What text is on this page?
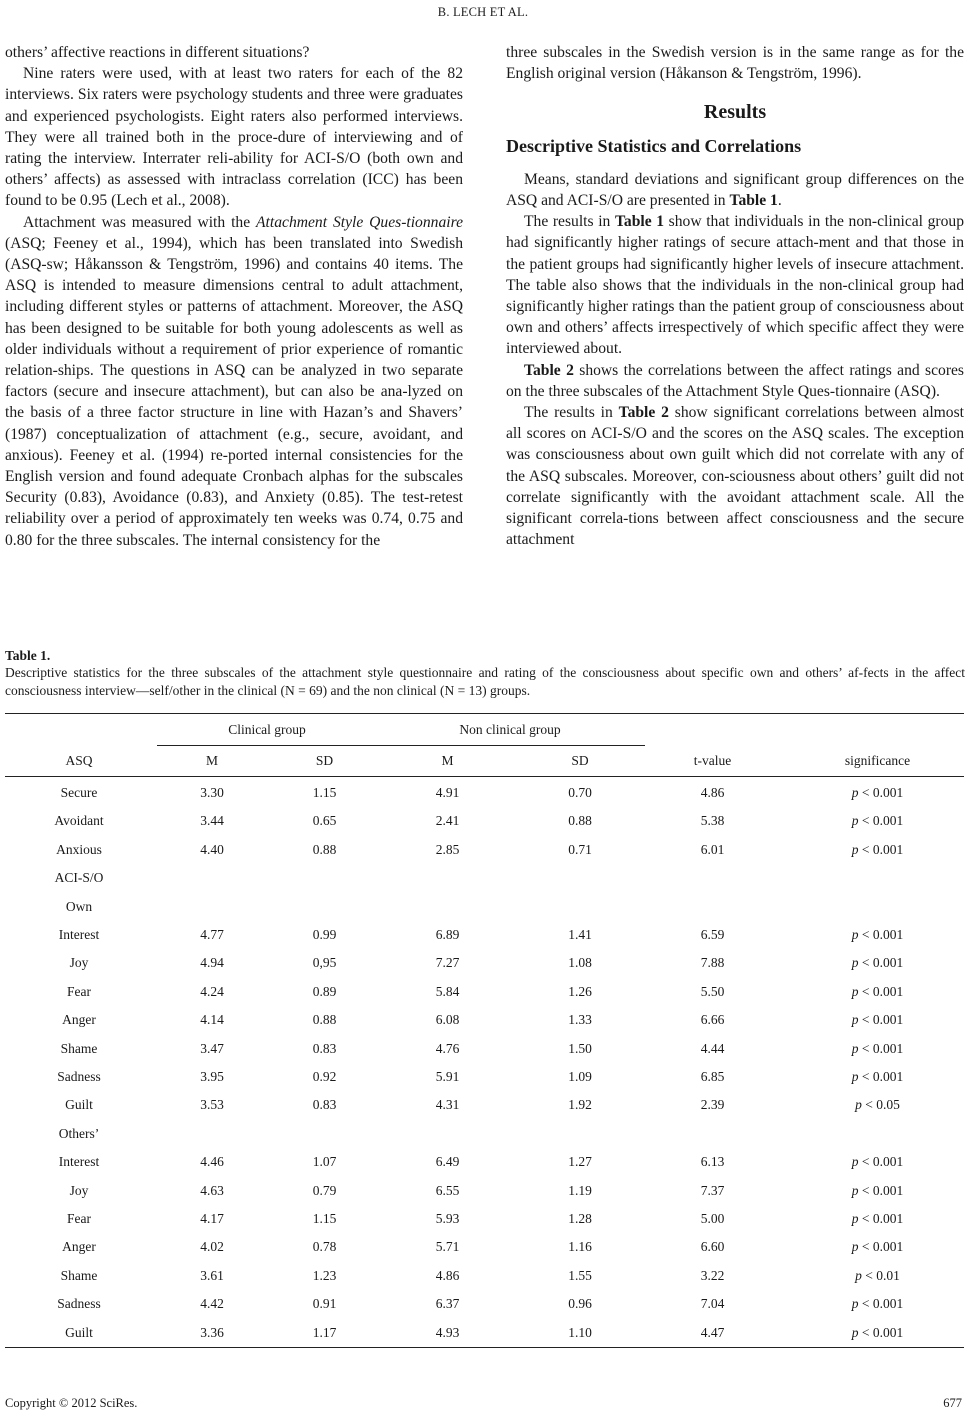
B. LECH ET AL.

others’ affective reactions in different situations?

Nine raters were used, with at least two raters for each of the 82 interviews. Six raters were psychology students and three were graduates and experienced psychologists. Eight raters also performed interviews. They were all trained both in the proce-dure of interviewing and of rating the interview. Interrater reli-ability for ACI-S/O (both own and others’ affects) as assessed with intraclass correlation (ICC) has been found to be 0.95 (Lech et al., 2008).

Attachment was measured with the Attachment Style Ques-tionnaire (ASQ; Feeney et al., 1994), which has been translated into Swedish (ASQ-sw; Håkansson & Tengström, 1996) and contains 40 items. The ASQ is intended to measure dimensions central to adult attachment, including different styles or patterns of attachment. Moreover, the ASQ has been designed to be suitable for both young adolescents as well as older individuals without a requirement of prior experience of romantic relation-ships. The questions in ASQ can be analyzed in two separate factors (secure and insecure attachment), but can also be ana-lyzed on the basis of a three factor structure in line with Hazan’s and Shavers’ (1987) conceptualization of attachment (e.g., secure, avoidant, and anxious). Feeney et al. (1994) re-ported internal consistencies for the English version and found adequate Cronbach alphas for the subscales Security (0.83), Avoidance (0.83), and Anxiety (0.85). The test-retest reliability over a period of approximately ten weeks was 0.74, 0.75 and 0.80 for the three subscales. The internal consistency for the

three subscales in the Swedish version is in the same range as for the English original version (Håkanson & Tengström, 1996).

Results
Descriptive Statistics and Correlations

Means, standard deviations and significant group differences on the ASQ and ACI-S/O are presented in Table 1.

The results in Table 1 show that individuals in the non-clinical group had significantly higher ratings of secure attach-ment and that those in the patient groups had significantly higher levels of insecure attachment. The table also shows that the individuals in the non-clinical group had significantly higher ratings than the patient group of consciousness about own and others’ affects irrespectively of which specific affect they were interviewed about.

Table 2 shows the correlations between the affect ratings and scores on the three subscales of the Attachment Style Ques-tionnaire (ASQ).

The results in Table 2 show significant correlations between almost all scores on ACI-S/O and the scores on the ASQ scales. The exception was consciousness about own guilt which did not correlate with any of the ASQ subscales. Moreover, con-sciousness about others’ guilt did not correlate significantly with the avoidant attachment scale. All the significant correla-tions between affect consciousness and the secure attachment

Table 1.
Descriptive statistics for the three subscales of the attachment style questionnaire and rating of the consciousness about specific own and others’ af-fects in the affect consciousness interview—self/other in the clinical (N = 69) and the non clinical (N = 13) groups.
Clinical group	Non clinical group
ASQ	M	SD	M	SD	t-value	significance
Secure	3.30	1.15	4.91	0.70	4.86	p < 0.001
Avoidant	3.44	0.65	2.41	0.88	5.38	p < 0.001
Anxious	4.40	0.88	2.85	0.71	6.01	p < 0.001
ACI-S/O
Own
Interest	4.77	0.99	6.89	1.41	6.59	p < 0.001
Joy	4.94	0,95	7.27	1.08	7.88	p < 0.001
Fear	4.24	0.89	5.84	1.26	5.50	p < 0.001
Anger	4.14	0.88	6.08	1.33	6.66	p < 0.001
Shame	3.47	0.83	4.76	1.50	4.44	p < 0.001
Sadness	3.95	0.92	5.91	1.09	6.85	p < 0.001
Guilt	3.53	0.83	4.31	1.92	2.39	p < 0.05
Others’
Interest	4.46	1.07	6.49	1.27	6.13	p < 0.001
Joy	4.63	0.79	6.55	1.19	7.37	p < 0.001
Fear	4.17	1.15	5.93	1.28	5.00	p < 0.001
Anger	4.02	0.78	5.71	1.16	6.60	p < 0.001
Shame	3.61	1.23	4.86	1.55	3.22	p < 0.01
Sadness	4.42	0.91	6.37	0.96	7.04	p < 0.001
Guilt	3.36	1.17	4.93	1.10	4.47	p < 0.001
Copyright © 2012 SciRes.	677
